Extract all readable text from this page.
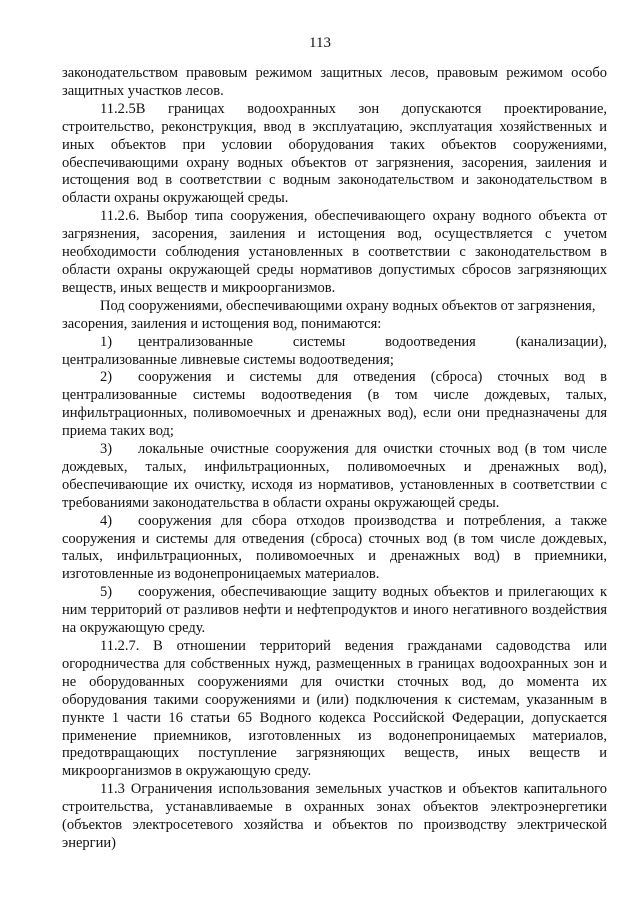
113

законодательством правовым режимом защитных лесов, правовым режимом особо защитных участков лесов.

11.2.5В границах водоохранных зон допускаются проектирование, строительство, реконструкция, ввод в эксплуатацию, эксплуатация хозяйственных и иных объектов при условии оборудования таких объектов сооружениями, обеспечивающими охрану водных объектов от загрязнения, засорения, заиления и истощения вод в соответствии с водным законодательством и законодательством в области охраны окружающей среды.

11.2.6. Выбор типа сооружения, обеспечивающего охрану водного объекта от загрязнения, засорения, заиления и истощения вод, осуществляется с учетом необходимости соблюдения установленных в соответствии с законодательством в области охраны окружающей среды нормативов допустимых сбросов загрязняющих веществ, иных веществ и микроорганизмов.

Под сооружениями, обеспечивающими охрану водных объектов от загрязнения, засорения, заиления и истощения вод, понимаются:

1) централизованные системы водоотведения (канализации), централизованные ливневые системы водоотведения;

2) сооружения и системы для отведения (сброса) сточных вод в централизованные системы водоотведения (в том числе дождевых, талых, инфильтрационных, поливомоечных и дренажных вод), если они предназначены для приема таких вод;

3) локальные очистные сооружения для очистки сточных вод (в том числе дождевых, талых, инфильтрационных, поливомоечных и дренажных вод), обеспечивающие их очистку, исходя из нормативов, установленных в соответствии с требованиями законодательства в области охраны окружающей среды.

4) сооружения для сбора отходов производства и потребления, а также сооружения и системы для отведения (сброса) сточных вод (в том числе дождевых, талых, инфильтрационных, поливомоечных и дренажных вод) в приемники, изготовленные из водонепроницаемых материалов.

5) сооружения, обеспечивающие защиту водных объектов и прилегающих к ним территорий от разливов нефти и нефтепродуктов и иного негативного воздействия на окружающую среду.

11.2.7. В отношении территорий ведения гражданами садоводства или огородничества для собственных нужд, размещенных в границах водоохранных зон и не оборудованных сооружениями для очистки сточных вод, до момента их оборудования такими сооружениями и (или) подключения к системам, указанным в пункте 1 части 16 статьи 65 Водного кодекса Российской Федерации, допускается применение приемников, изготовленных из водонепроницаемых материалов, предотвращающих поступление загрязняющих веществ, иных веществ и микроорганизмов в окружающую среду.

11.3 Ограничения использования земельных участков и объектов капитального строительства, устанавливаемые в охранных зонах объектов электроэнергетики (объектов электросетевого хозяйства и объектов по производству электрической энергии)
